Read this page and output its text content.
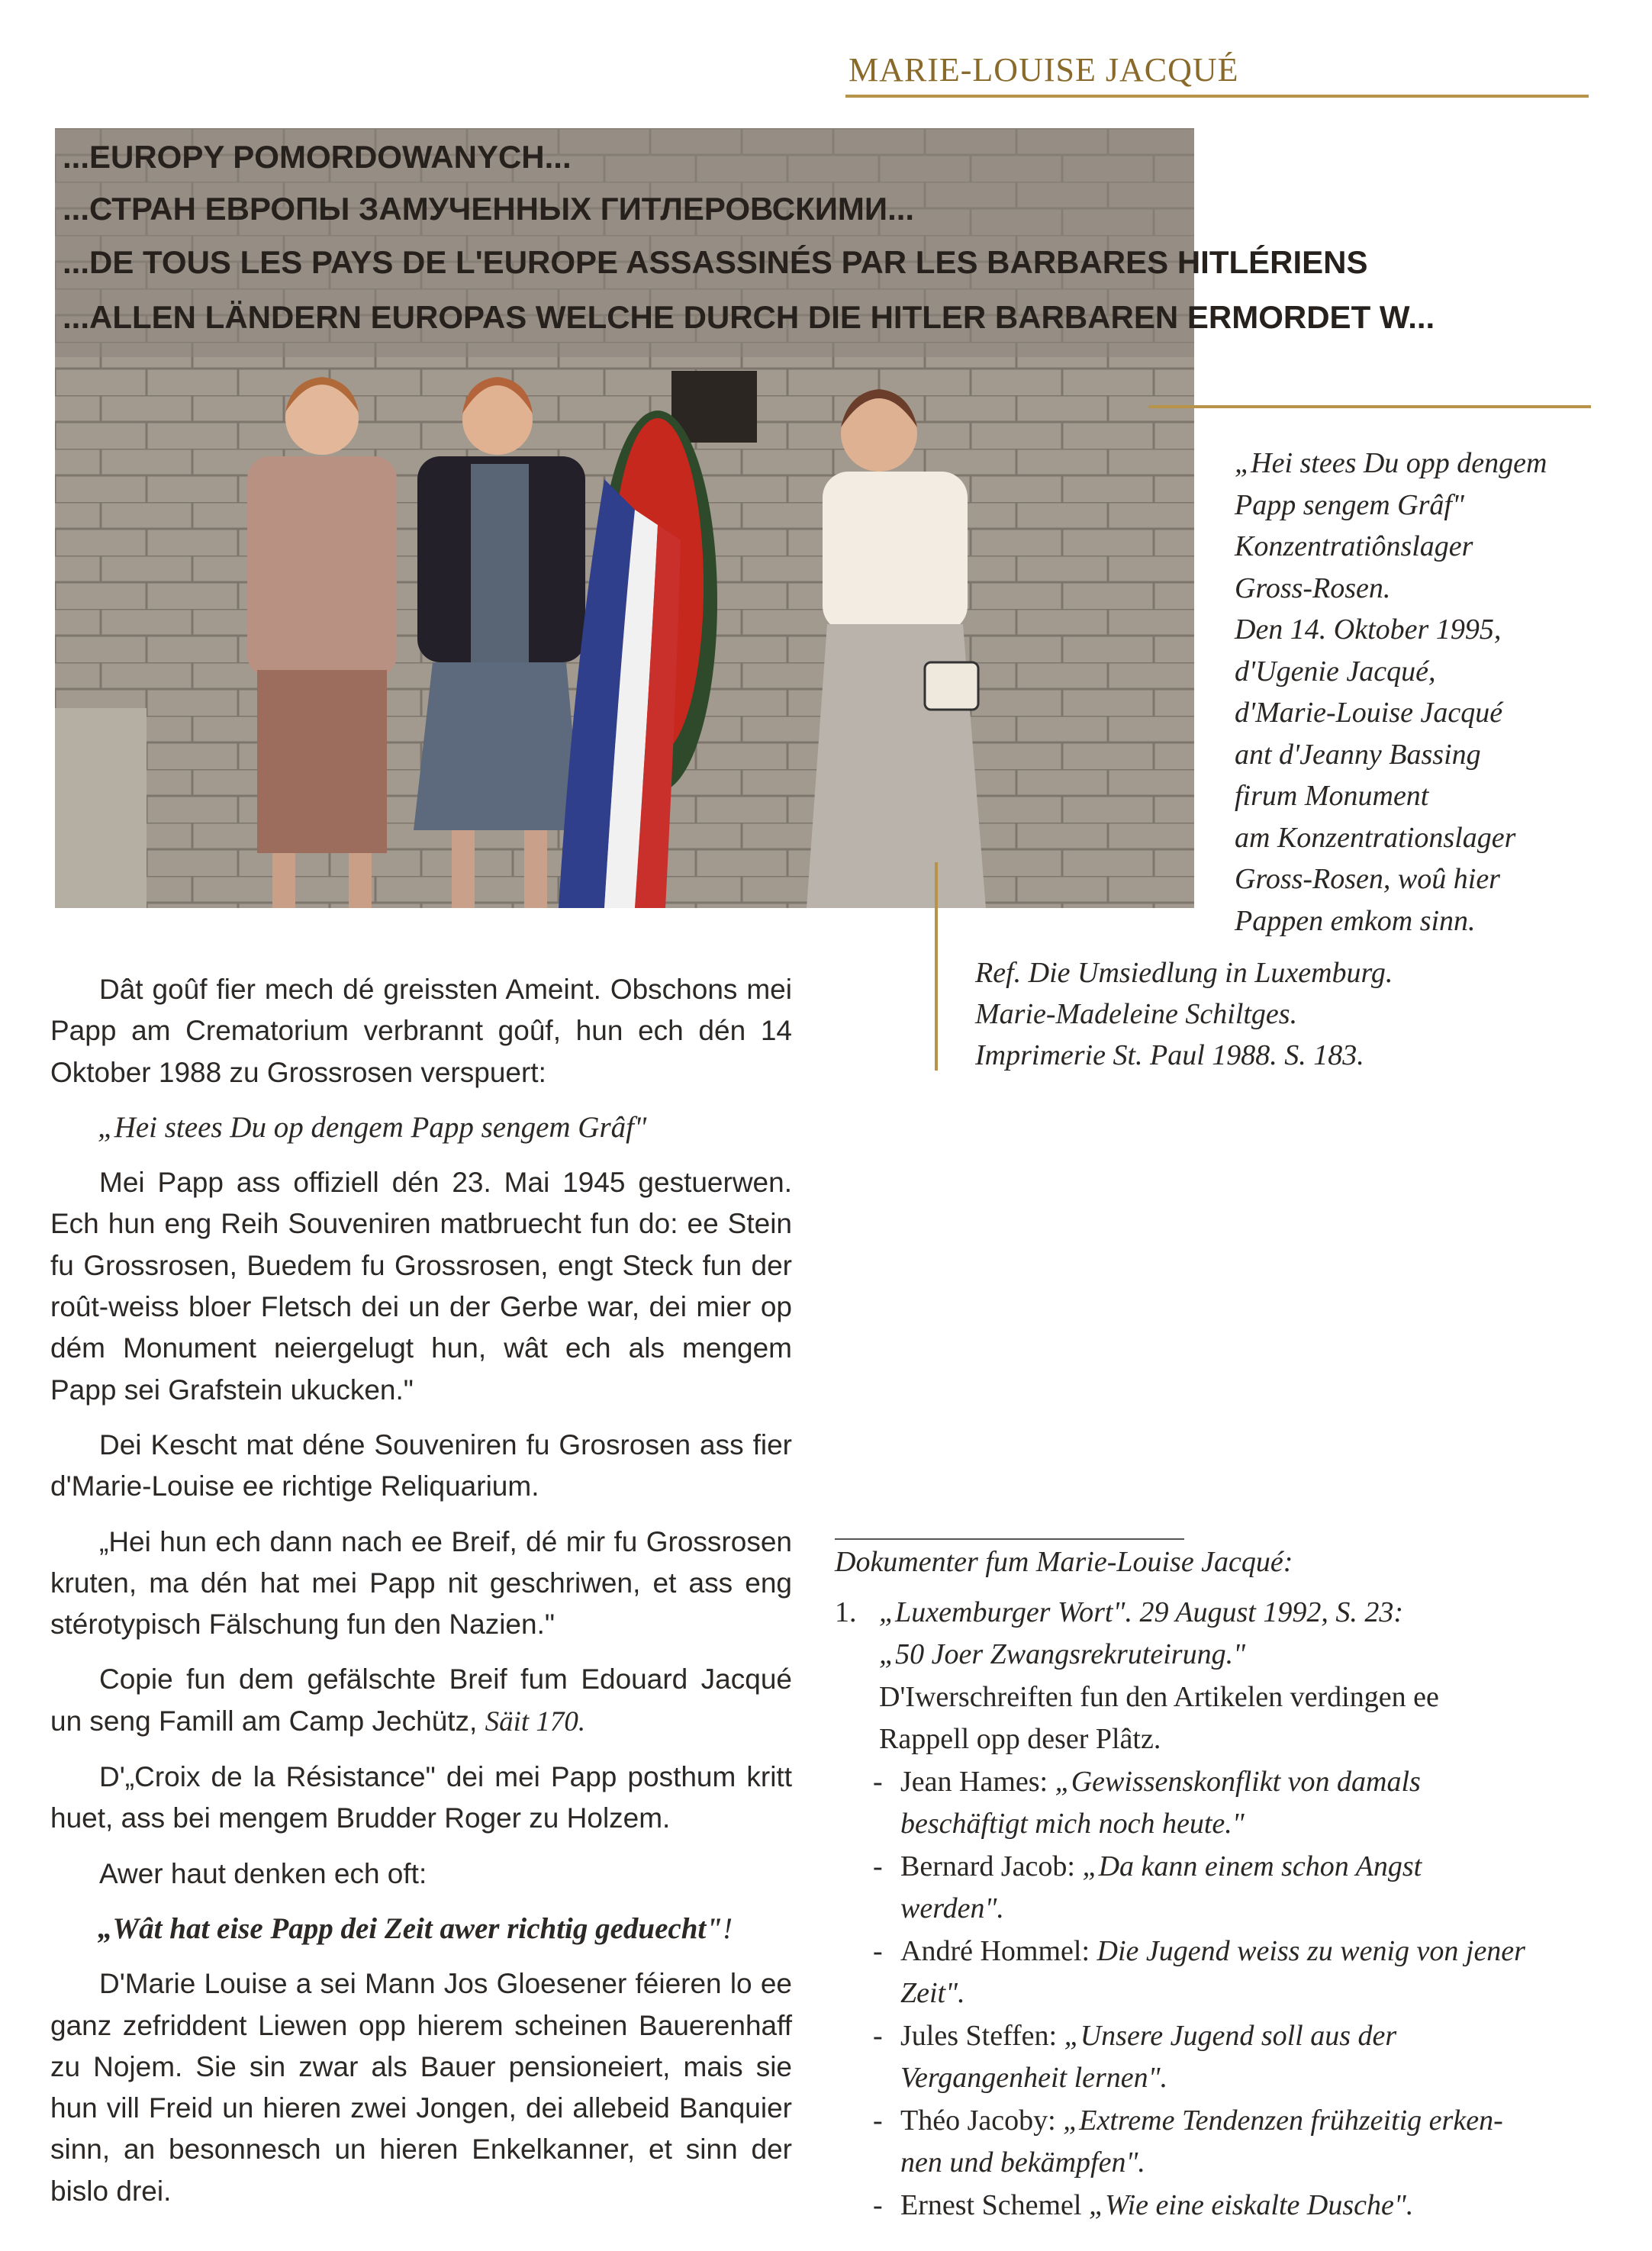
MARIE-LOUISE JACQUÉ
...EUROPY POMORDOWANYCH...
...СТРАН ЕВРОПЫ ЗАМУЧЕННЫХ ГИТЛЕРОВСКИМИ...
...DE TOUS LES PAYS DE L'EUROPE ASSASSINÉS PAR LES BARBARES HITLÉRIENS
...ALLEN LÄNDERN EUROPAS WELCHE DURCH DIE HITLER BARBAREN ERMORDET W...
„Hei stees Du opp dengem
Papp sengem Grâf"
Konzentratiônslager
Gross-Rosen.
Den 14. Oktober 1995,
d'Ugenie Jacqué,
d'Marie-Louise Jacqué
ant d'Jeanny Bassing
firum Monument
am Konzentrationslager
Gross-Rosen, woû hier
Pappen emkom sinn.
Ref. Die Umsiedlung in Luxemburg.
Marie-Madeleine Schiltges.
Imprimerie St. Paul 1988. S. 183.

Dât goûf fier mech dé greissten Ameint. Obschons mei Papp am Crematorium verbrannt goûf, hun ech dén 14 Oktober 1988 zu Grossrosen verspuert:

„Hei stees Du op dengem Papp sengem Grâf"

Mei Papp ass offiziell dén 23. Mai 1945 gestuerwen. Ech hun eng Reih Souveniren matbruecht fun do: ee Stein fu Grossrosen, Buedem fu Grossrosen, engt Steck fun der roût-weiss bloer Fletsch dei un der Gerbe war, dei mier op dém Monument neiergelugt hun, wât ech als mengem Papp sei Grafstein ukucken."

Dei Kescht mat déne Souveniren fu Grosrosen ass fier d'Marie-Louise ee richtige Reliquarium.

„Hei hun ech dann nach ee Breif, dé mir fu Grossrosen kruten, ma dén hat mei Papp nit geschriwen, et ass eng stérotypisch Fälschung fun den Nazien."

Copie fun dem gefälschte Breif fum Edouard Jacqué un seng Famill am Camp Jechütz, Säit 170.

D'„Croix de la Résistance" dei mei Papp posthum kritt huet, ass bei mengem Brudder Roger zu Holzem.

Awer haut denken ech oft:

„Wât hat eise Papp dei Zeit awer richtig geduecht"!

D'Marie Louise a sei Mann Jos Gloesener féieren lo ee ganz zefriddent Liewen opp hierem scheinen Bauerenhaff zu Nojem. Sie sin zwar als Bauer pensioneiert, mais sie hun vill Freid un hieren zwei Jongen, dei allebeid Banquier sinn, an besonnesch un hieren Enkelkanner, et sinn der bislo drei.

Dokumenter fum Marie-Louise Jacqué:
1. „Luxemburger Wort". 29 August 1992, S. 23:
„50 Joer Zwangsrekruteirung."
D'Iwerschreiften fun den Artikelen verdingen ee
Rappell opp deser Plâtz.
- Jean Hames: „Gewissenskonflikt von damals
beschäftigt mich noch heute."
- Bernard Jacob: „Da kann einem schon Angst
werden".
- André Hommel: Die Jugend weiss zu wenig von jener
Zeit".
- Jules Steffen: „Unsere Jugend soll aus der
Vergangenheit lernen".
- Théo Jacoby: „Extreme Tendenzen frühzeitig erken-
nen und bekämpfen".
- Ernest Schemel „Wie eine eiskalte Dusche".
